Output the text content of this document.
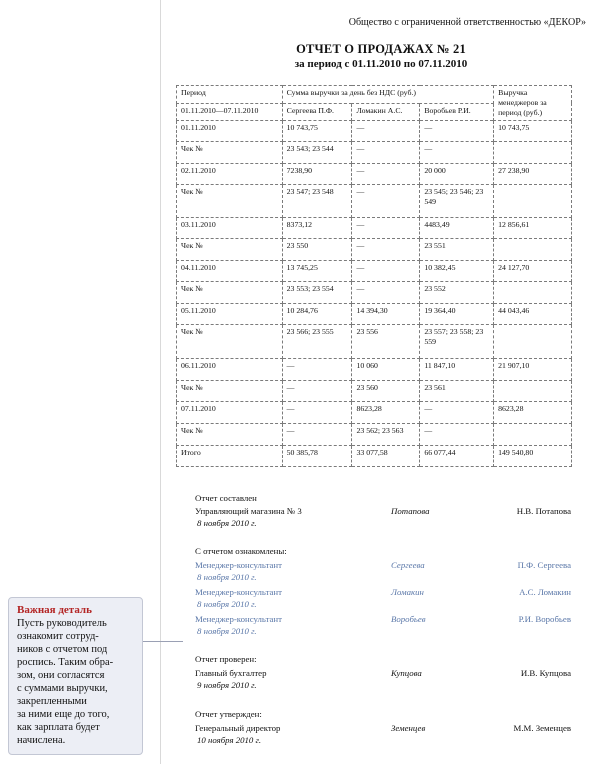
Общество с ограниченной ответственностью «ДЕКОР»
ОТЧЕТ О ПРОДАЖАХ № 21
за период с 01.11.2010 по 07.11.2010
Период	Сумма выручки за день без НДС (руб.)			Выручка менеджеров за период (руб.)
01.11.2010—07.11.2010	Сергеева П.Ф.	Ломакин А.С.	Воробьев Р.И.	
01.11.2010	10 743,75	—	—	10 743,75
Чек №	23 543; 23 544	—	—	
02.11.2010	7238,90	—	20 000	27 238,90
Чек №	23 547; 23 548	—	23 545; 23 546; 23 549	
03.11.2010	8373,12	—	4483,49	12 856,61
Чек №	23 550	—	23 551	
04.11.2010	13 745,25	—	10 382,45	24 127,70
Чек №	23 553; 23 554	—	23 552	
05.11.2010	10 284,76	14 394,30	19 364,40	44 043,46
Чек №	23 566; 23 555	23 556	23 557; 23 558; 23 559	
06.11.2010	—	10 060	11 847,10	21 907,10
Чек №	—	23 560	23 561	
07.11.2010	—	8623,28	—	8623,28
Чек №	—	23 562; 23 563	—	
Итого	50 385,78	33 077,58	66 077,44	149 540,80
Отчет составлен
Управляющий магазина № 3
8 ноября 2010 г.
Потапова	Н.В. Потапова
С отчетом ознакомлены:
Менеджер-консультант
8 ноября 2010 г.
Сергеева	П.Ф. Сергеева
Менеджер-консультант
8 ноября 2010 г.
Ломакин	А.С. Ломакин
Менеджер-консультант
8 ноября 2010 г.
Воробьев	Р.И. Воробьев
Отчет проверен:
Главный бухгалтер
9 ноября 2010 г.
Купцова	И.В. Купцова
Отчет утвержден:
Генеральный директор
10 ноября 2010 г.
Земенцев	М.М. Земенцев
Важная деталь
Пусть руководитель
ознакомит сотруд-
ников с отчетом под
роспись. Таким обра-
зом, они согласятся
с суммами выручки,
закрепленными
за ними еще до того,
как зарплата будет
начислена.
